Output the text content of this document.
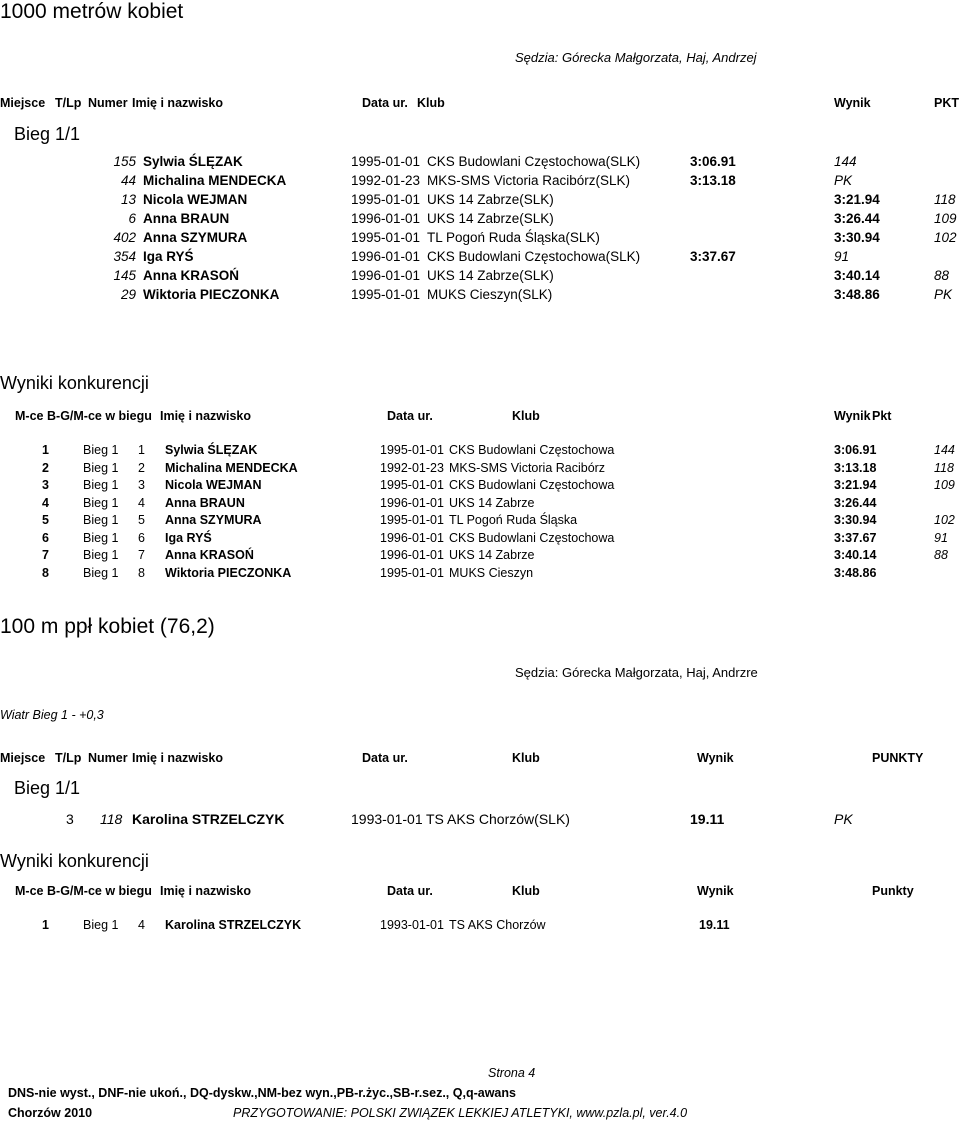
1000 metrów kobiet
Sędzia: Górecka Małgorzata, Haj, Andrzej
Miejsce T/Lp Numer Imię i nazwisko	Data ur. Klub	Wynik	PKT
Bieg 1/1
155 Sylwia ŚLĘZAK	1995-01-01 CKS Budowlani Częstochowa(SLK)	3:06.91	144
44 Michalina MENDECKA	1992-01-23 MKS-SMS Victoria Racibórz(SLK)	3:13.18	PK
13 Nicola WEJMAN	1995-01-01 UKS 14 Zabrze(SLK)	3:21.94	118
6 Anna BRAUN	1996-01-01 UKS 14 Zabrze(SLK)	3:26.44	109
402 Anna SZYMURA	1995-01-01 TL Pogoń Ruda Śląska(SLK)	3:30.94	102
354 Iga RYŚ	1996-01-01 CKS Budowlani Częstochowa(SLK)	3:37.67	91
145 Anna KRASOŃ	1996-01-01 UKS 14 Zabrze(SLK)	3:40.14	88
29 Wiktoria PIECZONKA	1995-01-01 MUKS Cieszyn(SLK)	3:48.86	PK
Wyniki konkurencji
M-ce B-G/M-ce w biegu Imię i nazwisko	Data ur.	Klub	Wynik Pkt
1	Bieg 1 1 Sylwia ŚLĘZAK	1995-01-01 CKS Budowlani Częstochowa	3:06.91	144
2	Bieg 1 2 Michalina MENDECKA	1992-01-23 MKS-SMS Victoria Racibórz	3:13.18	118
3	Bieg 1 3 Nicola WEJMAN	1995-01-01 CKS Budowlani Częstochowa	3:21.94	109
4	Bieg 1 4 Anna BRAUN	1996-01-01 UKS 14 Zabrze	3:26.44
5	Bieg 1 5 Anna SZYMURA	1995-01-01 TL Pogoń Ruda Śląska	3:30.94	102
6	Bieg 1 6 Iga RYŚ	1996-01-01 CKS Budowlani Częstochowa	3:37.67	91
7	Bieg 1 7 Anna KRASOŃ	1996-01-01 UKS 14 Zabrze	3:40.14	88
8	Bieg 1 8 Wiktoria PIECZONKA	1995-01-01 MUKS Cieszyn	3:48.86
100 m ppł kobiet (76,2)
Sędzia: Górecka Małgorzata, Haj, Andrzre
Wiatr Bieg 1 - +0,3
Miejsce T/Lp Numer Imię i nazwisko	Data ur.	Klub	Wynik	PUNKTY
Bieg 1/1
3 118 Karolina STRZELCZYK	1993-01-01 TS AKS Chorzów(SLK)	19.11	PK
Wyniki konkurencji
M-ce B-G/M-ce w biegu Imię i nazwisko	Data ur.	Klub	Wynik	Punkty
1	Bieg 1 4 Karolina STRZELCZYK	1993-01-01 TS AKS Chorzów	19.11
Strona 4
DNS-nie wyst., DNF-nie ukoń., DQ-dyskw.,NM-bez wyn.,PB-r.życ.,SB-r.sez., Q,q-awans
Chorzów 2010	PRZYGOTOWANIE: POLSKI ZWIĄZEK LEKKIEJ ATLETYKI, www.pzla.pl, ver.4.0
